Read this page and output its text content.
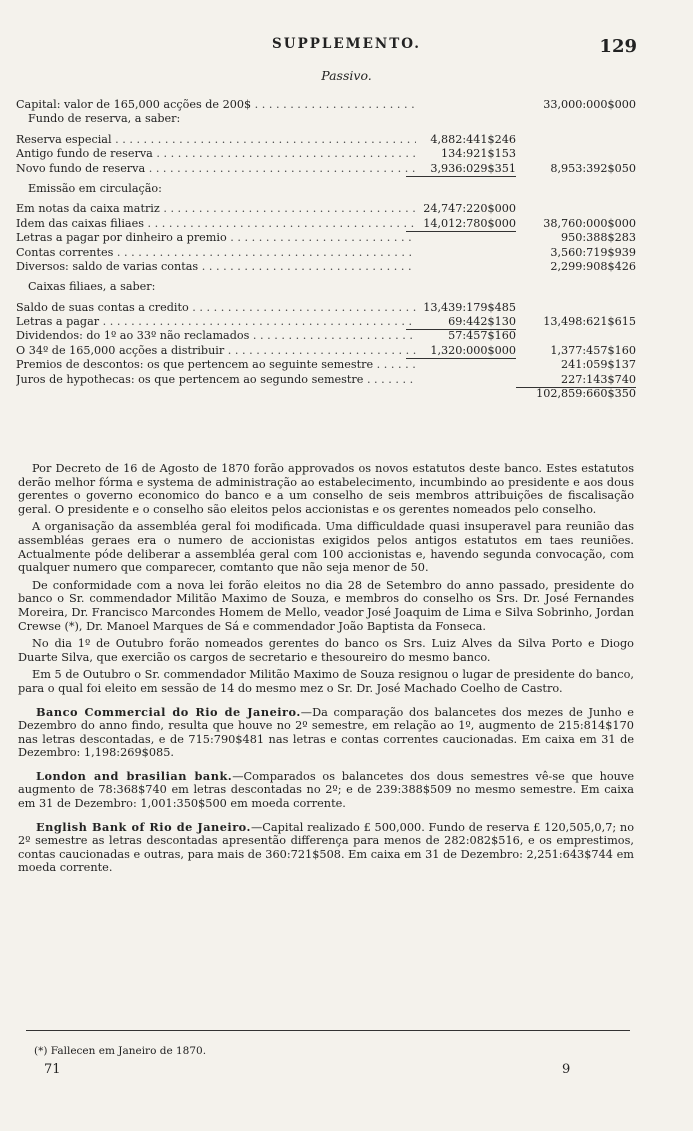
SUPPLEMENTO.	129
Passivo.
Capital: valor de 165,000 acções de 200$ . . .	33,000:000$000
Fundo de reserva, a saber:
Reserva especial . . .	4,882:441$246
Antigo fundo de reserva . . .	134:921$153
Novo fundo de reserva . . .	3,936:029$351	8,953:392$050
Emissão em circulação:
Em notas da caixa matriz . . .	24,747:220$000
Idem das caixas filiaes . . .	14,012:780$000	38,760:000$000
Letras a pagar por dinheiro a premio . . .	950:388$283
Contas correntes . . .	3,560:719$939
Diversos: saldo de varias contas . . .	2,299:908$426
Caixas filiaes, a saber:
Saldo de suas contas a credito . . .	13,439:179$485
Letras a pagar . . .	69:442$130	13,498:621$615
Dividendos: do 1º ao 33º não reclamados . . .	57:457$160
O 34º de 165,000 acções a distribuir . . .	1,320:000$000	1,377:457$160
Premios de descontos: os que pertencem ao seguinte semestre . . .	241:059$137
Juros de hypothecas: os que pertencem ao segundo semestre . . .	227:143$740
102,859:660$350

Por Decreto de 16 de Agosto de 1870 forão approvados os novos estatutos deste banco. Estes estatutos derão melhor fórma e systema de administração ao estabelecimento, incumbindo ao presidente e aos dous gerentes o governo economico do banco e a um conselho de seis membros attribuições de fiscalisação geral. O presidente e o conselho são eleitos pelos accionistas e os gerentes nomeados pelo conselho.

A organisação da assembléa geral foi modificada. Uma difficuldade quasi insuperavel para reunião das assembléas geraes era o numero de accionistas exigidos pelos antigos estatutos em taes reuniões. Actualmente póde deliberar a assembléa geral com 100 accionistas e, havendo segunda convocação, com qualquer numero que comparecer, comtanto que não seja menor de 50.

De conformidade com a nova lei forão eleitos no dia 28 de Setembro do anno passado, presidente do banco o Sr. commendador Militão Maximo de Souza, e membros do conselho os Srs. Dr. José Fernandes Moreira, Dr. Francisco Marcondes Homem de Mello, veador José Joaquim de Lima e Silva Sobrinho, Jordan Crewse (*), Dr. Manoel Marques de Sá e commendador João Baptista da Fonseca.

No dia 1º de Outubro forão nomeados gerentes do banco os Srs. Luiz Alves da Silva Porto e Diogo Duarte Silva, que exercião os cargos de secretario e thesoureiro do mesmo banco.

Em 5 de Outubro o Sr. commendador Militão Maximo de Souza resignou o lugar de presidente do banco, para o qual foi eleito em sessão de 14 do mesmo mez o Sr. Dr. José Machado Coelho de Castro.

Banco Commercial do Rio de Janeiro.—Da comparação dos balancetes dos mezes de Junho e Dezembro do anno findo, resulta que houve no 2º semestre, em relação ao 1º, augmento de 215:814$170 nas letras descontadas, e de 715:790$481 nas letras e contas correntes caucionadas. Em caixa em 31 de Dezembro: 1,198:269$085.

London and brasilian bank.—Comparados os balancetes dos dous semestres vê-se que houve augmento de 78:368$740 em letras descontadas no 2º; e de 239:388$509 no mesmo semestre. Em caixa em 31 de Dezembro: 1,001:350$500 em moeda corrente.

English Bank of Rio de Janeiro.—Capital realizado £ 500,000. Fundo de reserva £ 120,505,0,7; no 2º semestre as letras descontadas apresentão differença para menos de 282:082$516, e os emprestimos, contas caucionadas e outras, para mais de 360:721$508. Em caixa em 31 de Dezembro: 2,251:643$744 em moeda corrente.

(*) Fallecen em Janeiro de 1870.
71	9
